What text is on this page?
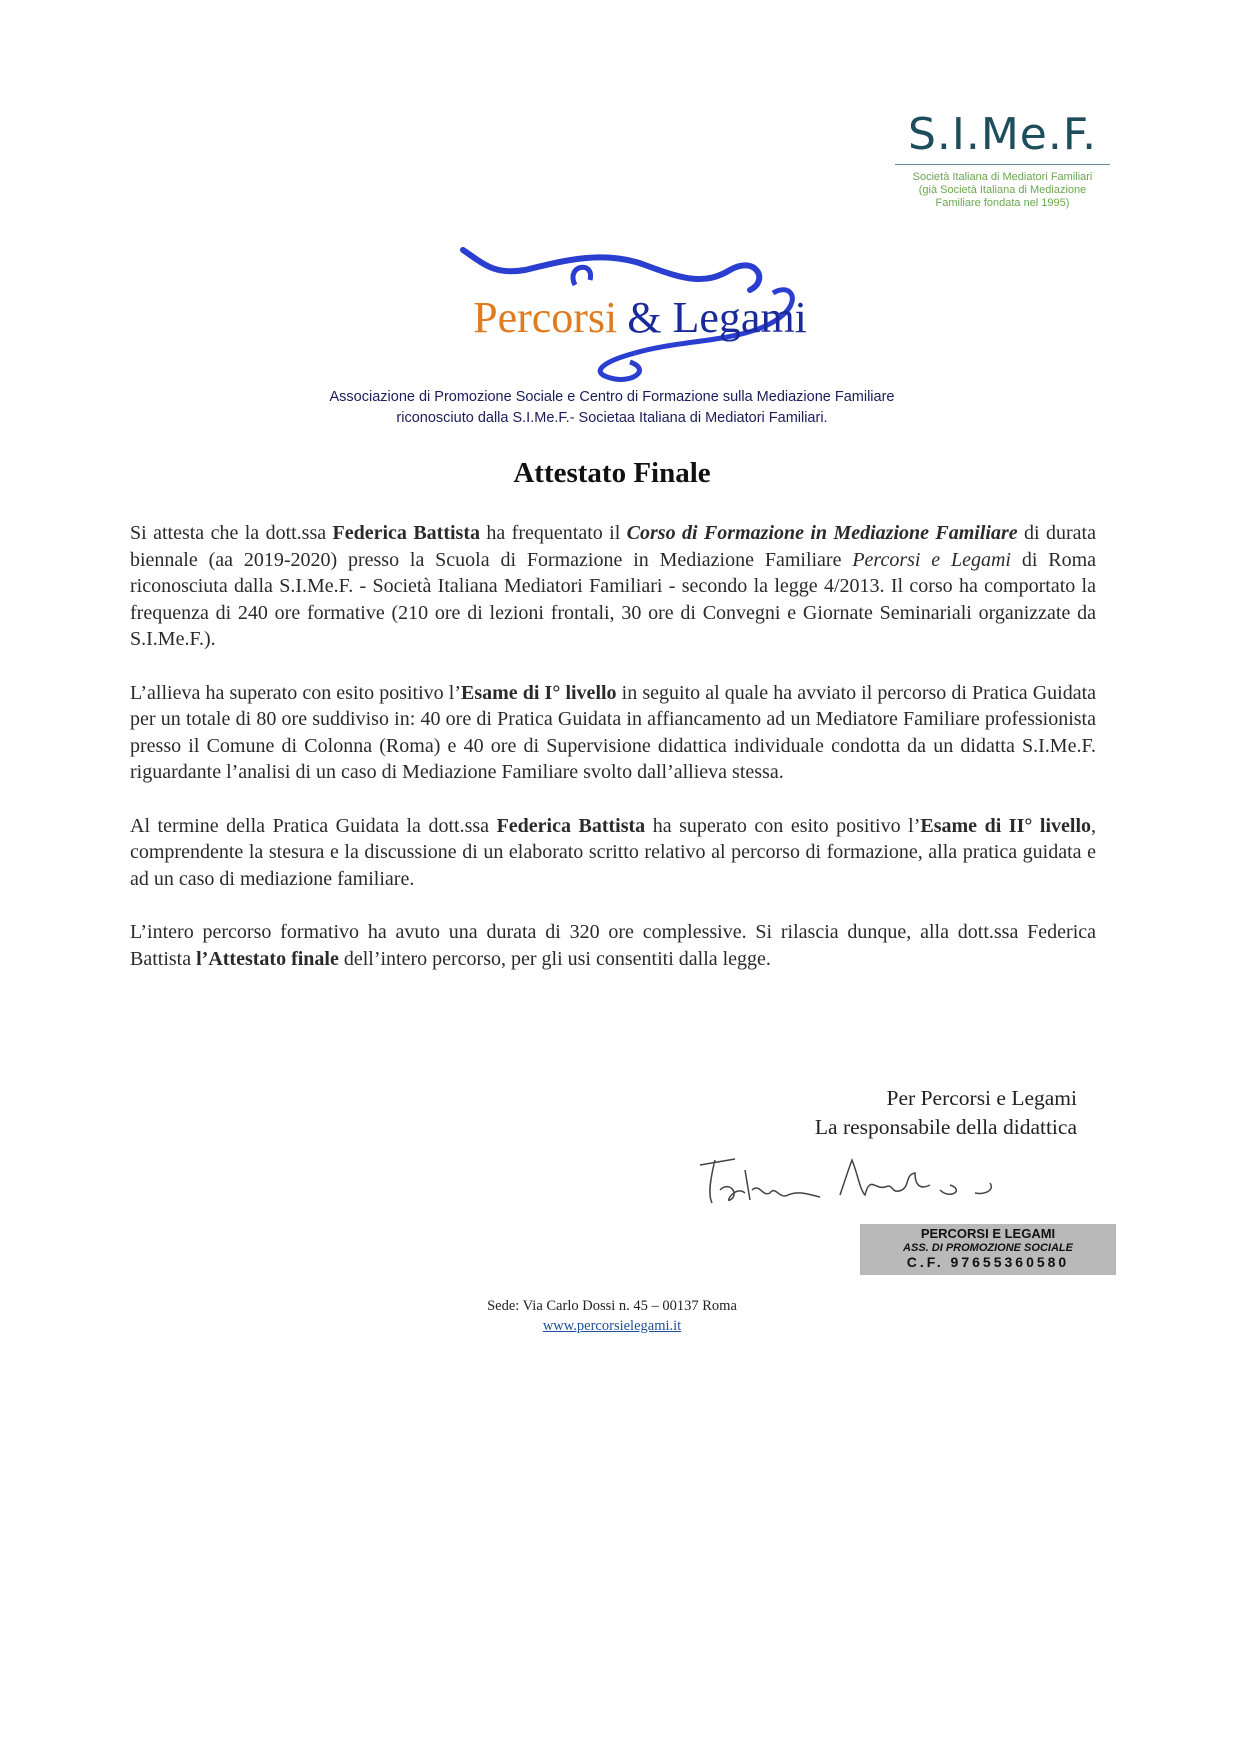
S.I.Me.F.
Società Italiana di Mediatori Familiari
(già Società Italiana di Mediazione
Familiare fondata nel 1995)
Percorsi & Legami
Associazione di Promozione Sociale e Centro di Formazione sulla Mediazione Familiare
riconosciuto dalla S.I.Me.F.- Societaa Italiana di Mediatori Familiari.
Attestato Finale
Si attesta che la dott.ssa Federica Battista ha frequentato il Corso di Formazione in Mediazione Familiare di durata biennale (aa 2019-2020) presso la Scuola di Formazione in Mediazione Familiare Percorsi e Legami di Roma riconosciuta dalla S.I.Me.F. - Società Italiana Mediatori Familiari - secondo la legge 4/2013. Il corso ha comportato la frequenza di 240 ore formative (210 ore di lezioni frontali, 30 ore di Convegni e Giornate Seminariali organizzate da S.I.Me.F.).
L’allieva ha superato con esito positivo l’Esame di I° livello in seguito al quale ha avviato il percorso di Pratica Guidata per un totale di 80 ore suddiviso in: 40 ore di Pratica Guidata in affiancamento ad un Mediatore Familiare professionista presso il Comune di Colonna (Roma) e 40 ore di Supervisione didattica individuale condotta da un didatta S.I.Me.F. riguardante l’analisi di un caso di Mediazione Familiare svolto dall’allieva stessa.
Al termine della Pratica Guidata la dott.ssa Federica Battista ha superato con esito positivo l’Esame di II° livello, comprendente la stesura e la discussione di un elaborato scritto relativo al percorso di formazione, alla pratica guidata e ad un caso di mediazione familiare.
L’intero percorso formativo ha avuto una durata di 320 ore complessive. Si rilascia dunque, alla dott.ssa Federica Battista l’Attestato finale dell’intero percorso, per gli usi consentiti dalla legge.
Per Percorsi e Legami
La responsabile della didattica
PERCORSI E LEGAMI
ASS. DI PROMOZIONE SOCIALE
C.F. 97655360580
Sede: Via Carlo Dossi n. 45 – 00137 Roma
www.percorsielegami.it
